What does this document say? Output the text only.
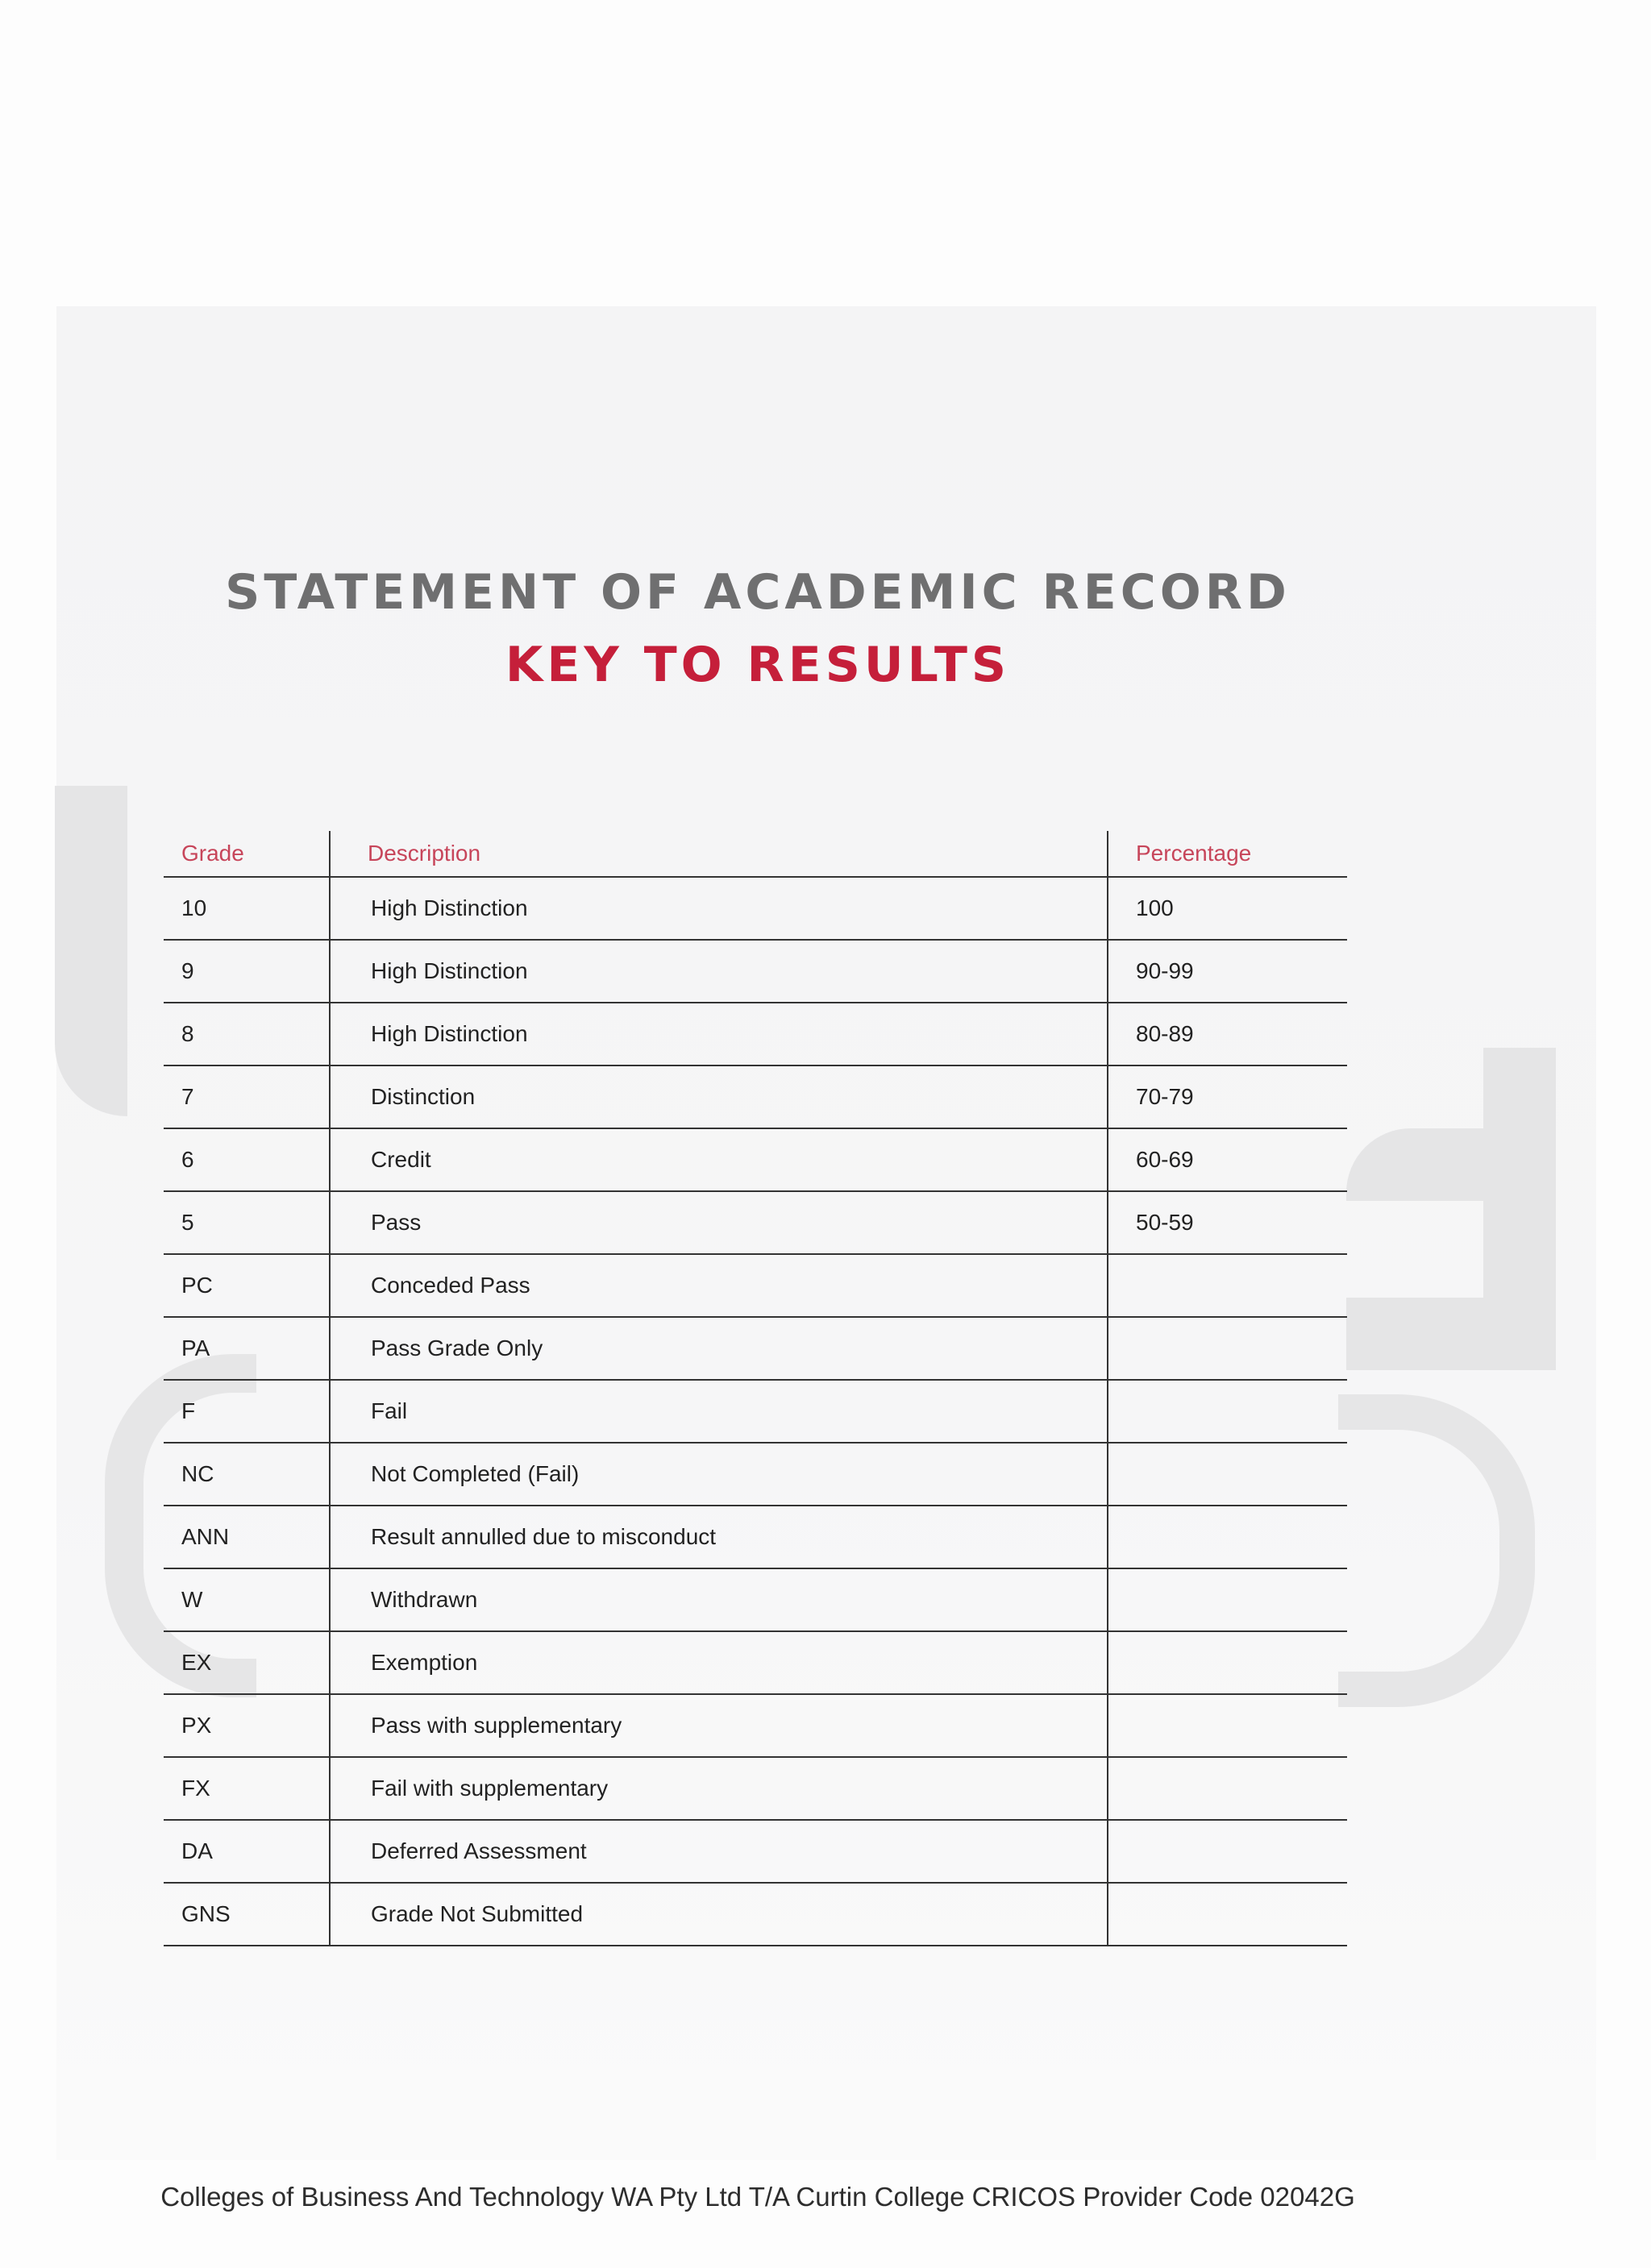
STATEMENT OF ACADEMIC RECORD
KEY TO RESULTS
Grade	Description	Percentage
10	High Distinction	100
9	High Distinction	90-99
8	High Distinction	80-89
7	Distinction	70-79
6	Credit	60-69
5	Pass	50-59
PC	Conceded Pass	
PA	Pass Grade Only	
F	Fail	
NC	Not Completed (Fail)	
ANN	Result annulled due to misconduct	
W	Withdrawn	
EX	Exemption	
PX	Pass with supplementary	
FX	Fail with supplementary	
DA	Deferred Assessment	
GNS	Grade Not Submitted	
Colleges of Business And Technology WA Pty Ltd T/A Curtin College CRICOS Provider Code 02042G
